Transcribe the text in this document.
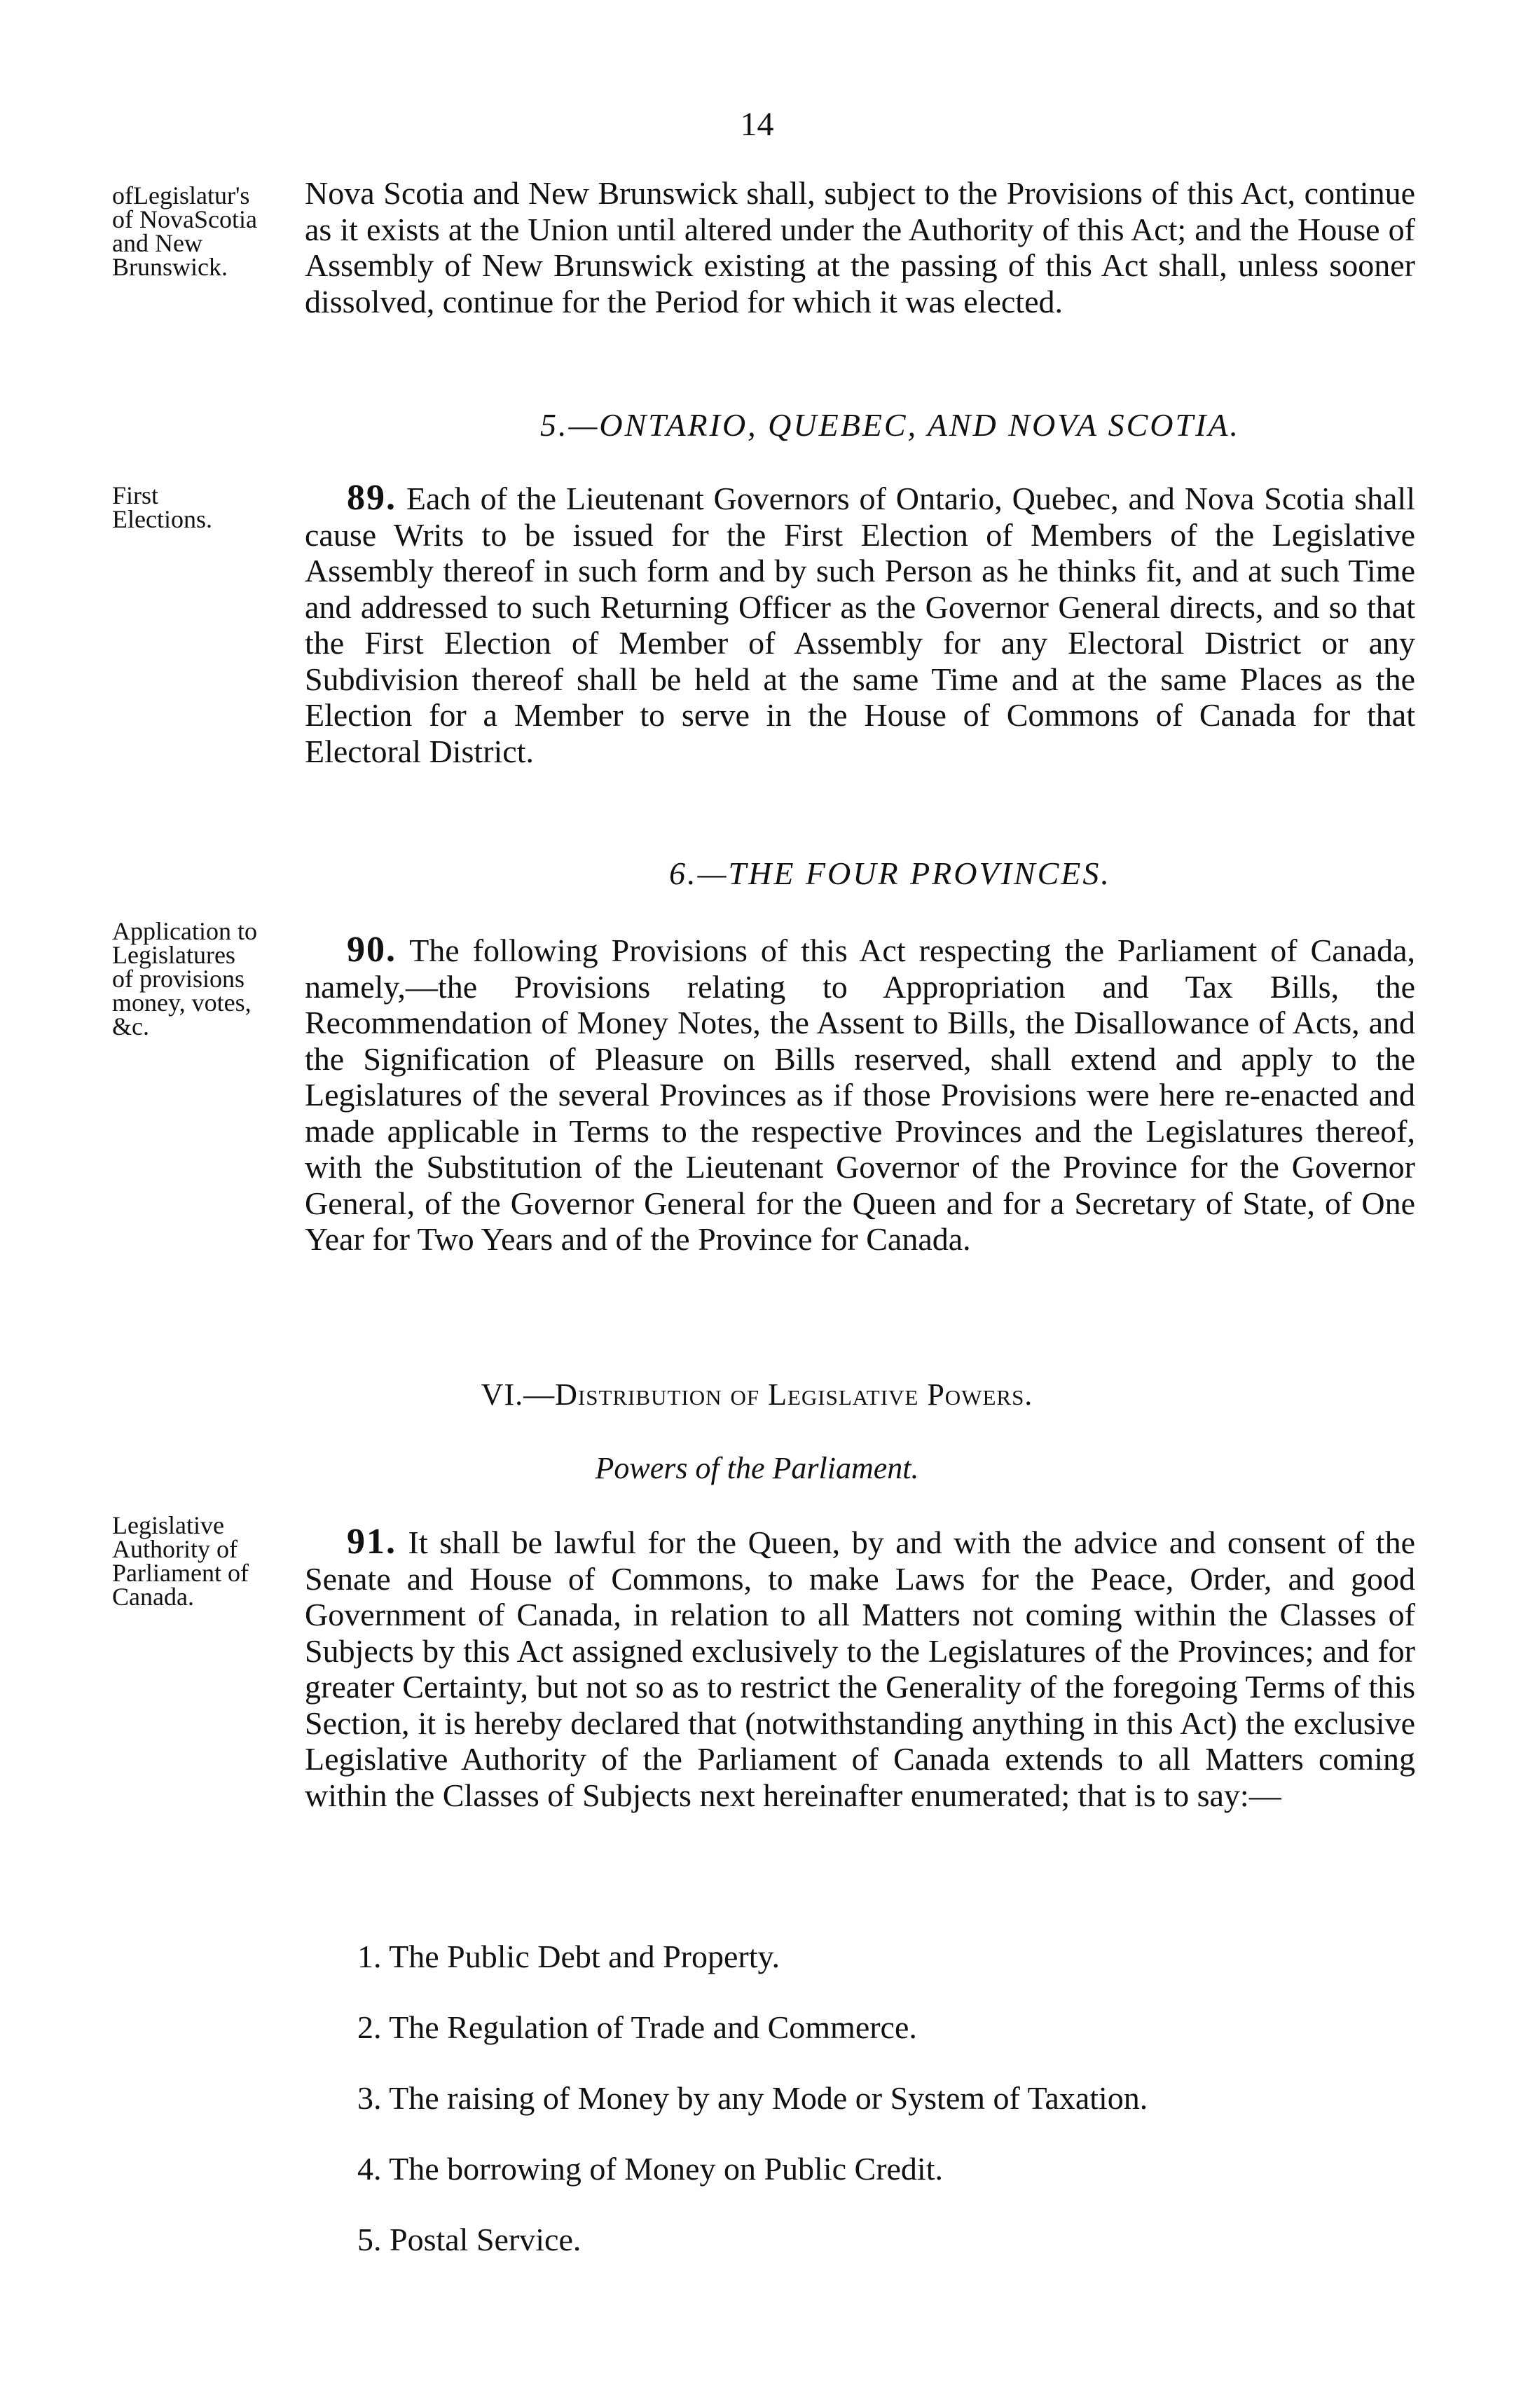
14
ofLegislatur's
of NovaScotia
and New
Brunswick.

Nova Scotia and New Brunswick shall, subject to the Provisions of this Act, continue as it exists at the Union until altered under the Authority of this Act; and the House of Assembly of New Brunswick existing at the passing of this Act shall, unless sooner dissolved, continue for the Period for which it was elected.

5.—ONTARIO, QUEBEC, AND NOVA SCOTIA.
First
Elections.

89. Each of the Lieutenant Governors of Ontario, Quebec, and Nova Scotia shall cause Writs to be issued for the First Election of Members of the Legislative Assembly thereof in such form and by such Person as he thinks fit, and at such Time and addressed to such Returning Officer as the Governor General directs, and so that the First Election of Member of Assembly for any Electoral District or any Subdivision thereof shall be held at the same Time and at the same Places as the Election for a Member to serve in the House of Commons of Canada for that Electoral District.

6.—THE FOUR PROVINCES.
Application to
Legislatures
of provisions
money, votes,
&c.

90. The following Provisions of this Act respecting the Parliament of Canada, namely,—the Provisions relating to Appropriation and Tax Bills, the Recommendation of Money Notes, the Assent to Bills, the Disallowance of Acts, and the Signification of Pleasure on Bills reserved, shall extend and apply to the Legislatures of the several Provinces as if those Provisions were here re-enacted and made applicable in Terms to the respective Provinces and the Legislatures thereof, with the Substitution of the Lieutenant Governor of the Province for the Governor General, of the Governor General for the Queen and for a Secretary of State, of One Year for Two Years and of the Province for Canada.

VI.—Distribution of Legislative Powers.
Powers of the Parliament.
Legislative
Authority of
Parliament of
Canada.

91. It shall be lawful for the Queen, by and with the advice and consent of the Senate and House of Commons, to make Laws for the Peace, Order, and good Government of Canada, in relation to all Matters not coming within the Classes of Subjects by this Act assigned exclusively to the Legislatures of the Provinces; and for greater Certainty, but not so as to restrict the Generality of the foregoing Terms of this Section, it is hereby declared that (notwithstanding anything in this Act) the exclusive Legislative Authority of the Parliament of Canada extends to all Matters coming within the Classes of Subjects next hereinafter enumerated; that is to say:—

1. The Public Debt and Property.
2. The Regulation of Trade and Commerce.
3. The raising of Money by any Mode or System of Taxation.
4. The borrowing of Money on Public Credit.
5. Postal Service.
